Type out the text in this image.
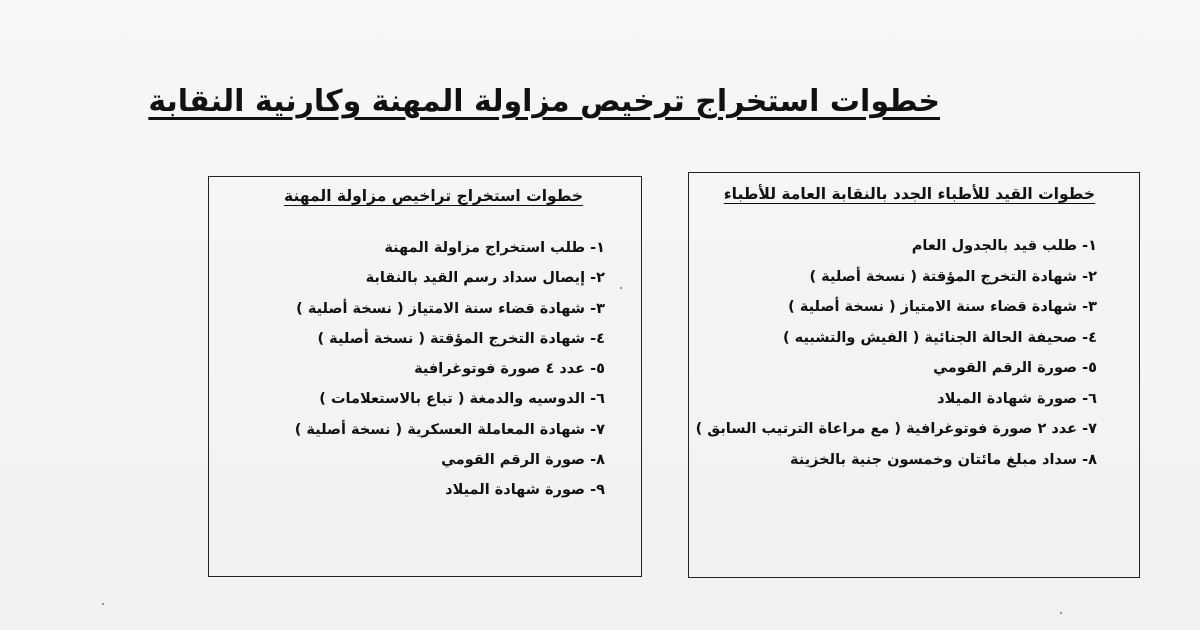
خطوات استخراج ترخيص مزاولة المهنة وكارنية النقابة
خطوات القيد للأطباء الجدد بالنقابة العامة للأطباء
١- طلب قيد بالجدول العام
٢- شهادة التخرج المؤقتة ( نسخة أصلية )
٣- شهادة قضاء سنة الامتياز ( نسخة أصلية )
٤- صحيفة الحالة الجنائية ( الفيش والتشبيه )
٥- صورة الرقم القومي
٦- صورة شهادة الميلاد
٧- عدد ٢ صورة فوتوغرافية ( مع مراعاة الترتيب السابق )
٨- سداد مبلغ مائتان وخمسون جنية بالخزينة
خطوات استخراج تراخيص مزاولة المهنة
١- طلب استخراج مزاولة المهنة
٢- إيصال سداد رسم القيد بالنقابة
٣- شهادة قضاء سنة الامتياز ( نسخة أصلية )
٤- شهادة التخرج المؤقتة ( نسخة أصلية )
٥- عدد ٤ صورة فوتوغرافية
٦- الدوسيه والدمغة ( تباع بالاستعلامات )
٧- شهادة المعاملة العسكرية ( نسخة أصلية )
٨- صورة الرقم القومي
٩- صورة شهادة الميلاد
